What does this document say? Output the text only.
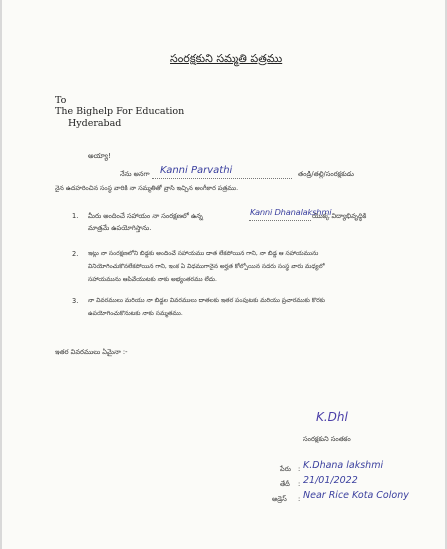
సంరక్షకుని సమ్మతి పత్రము
To
The Bighelp For Education
Hyderabad
అయ్యా!
నేను అనగా Kanni Parvathi	తండ్రి/తల్లి/సంరక్షకుడు
నైన ఉదహరించిన సంస్థ వారికి నా సమ్మతితో వ్రాసి ఇచ్చిన అంగీకార పత్రము.
1. మీరు అందించే సహాయం నా సంరక్షణలో ఉన్న	Kanni Dhanalakshmi
యొక్క విద్యాభివృద్ధికి
మాత్రమే ఉపయోగిస్తాను.
2. ఇట్లు నా సంరక్షణలోని బిడ్డకు అందించే సహాయము దాత లేకపోయిన గాని, నా బిడ్డ ఆ సహాయమును
వినియోగించుకొనలేకపోయిన గాని, ఇంక ఏ విధముగానైన అర్హత కోల్పోయిన సదరు సంస్థ వారు మధ్యలో
సహాయమును ఆపివేయుటకు నాకు అభ్యంతరము లేదు.
3. నా వివరములు మరియు నా బిడ్డల వివరములు దాతలకు ఇతర పంపుటకు మరియు ప్రచారముకు కొరకు
ఉపయోగించుకొనుటకు నాకు సమ్మతము.
ఇతర వివరములు ఏమైనా :-
K.Dhl
సంరక్షకుని సంతకం
పేరు : K.Dhana lakshmi
తేదీ : 21/01/2022
అడ్రెస్ : Near Rice Kota Colony
